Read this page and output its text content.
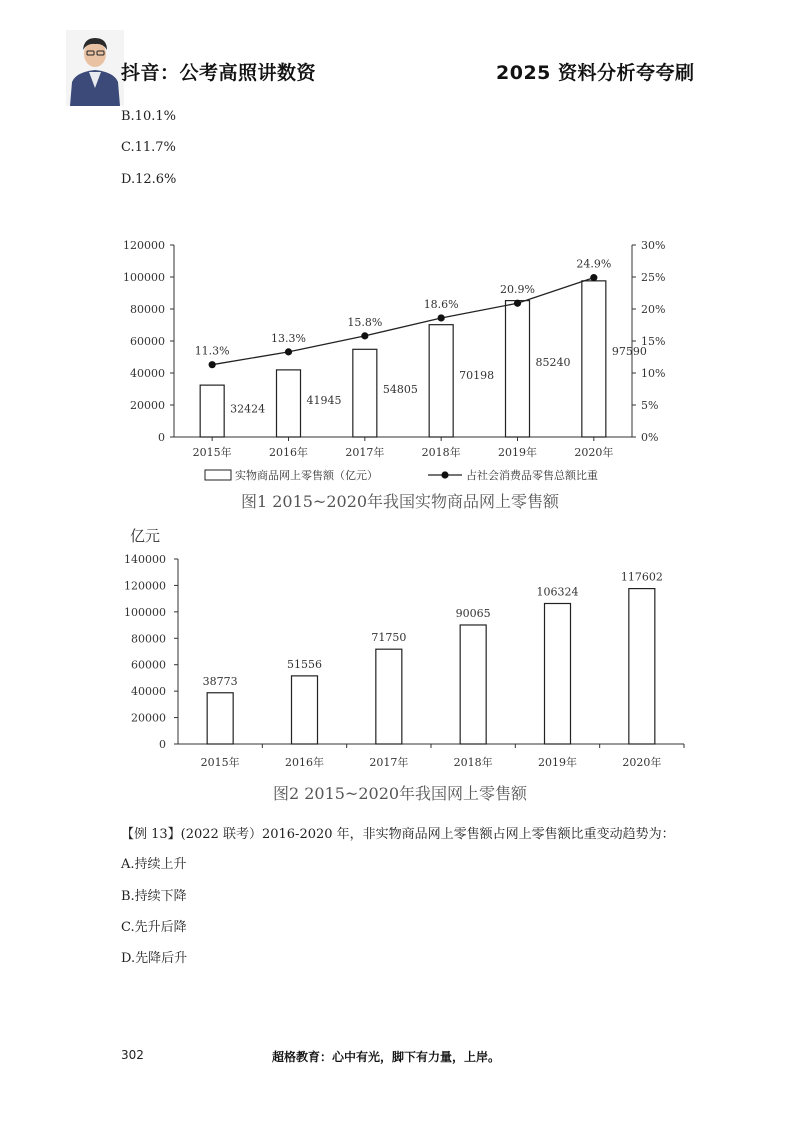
抖音：公考高照讲数资	2025 资料分析夸夸刷
B.10.1%
C.11.7%
D.12.6%
0
20000
40000
60000
80000
100000
120000
0%
5%
10%
15%
20%
25%
30%
32424
2015年
41945
2016年
54805
2017年
70198
2018年
85240
2019年
97590
2020年
11.3%
13.3%
15.8%
18.6%
20.9%
24.9%
实物商品网上零售额（亿元）	占社会消费品零售总额比重
图1 2015~2020年我国实物商品网上零售额
亿元
0
20000
40000
60000
80000
100000
120000
140000
38773
2015年
51556
2016年
71750
2017年
90065
2018年
106324
2019年
117602
2020年
图2 2015~2020年我国网上零售额
【例 13】(2022 联考）2016-2020 年，非实物商品网上零售额占网上零售额比重变动趋势为：
A.持续上升
B.持续下降
C.先升后降
D.先降后升
302	超格教育：心中有光，脚下有力量，上岸。
